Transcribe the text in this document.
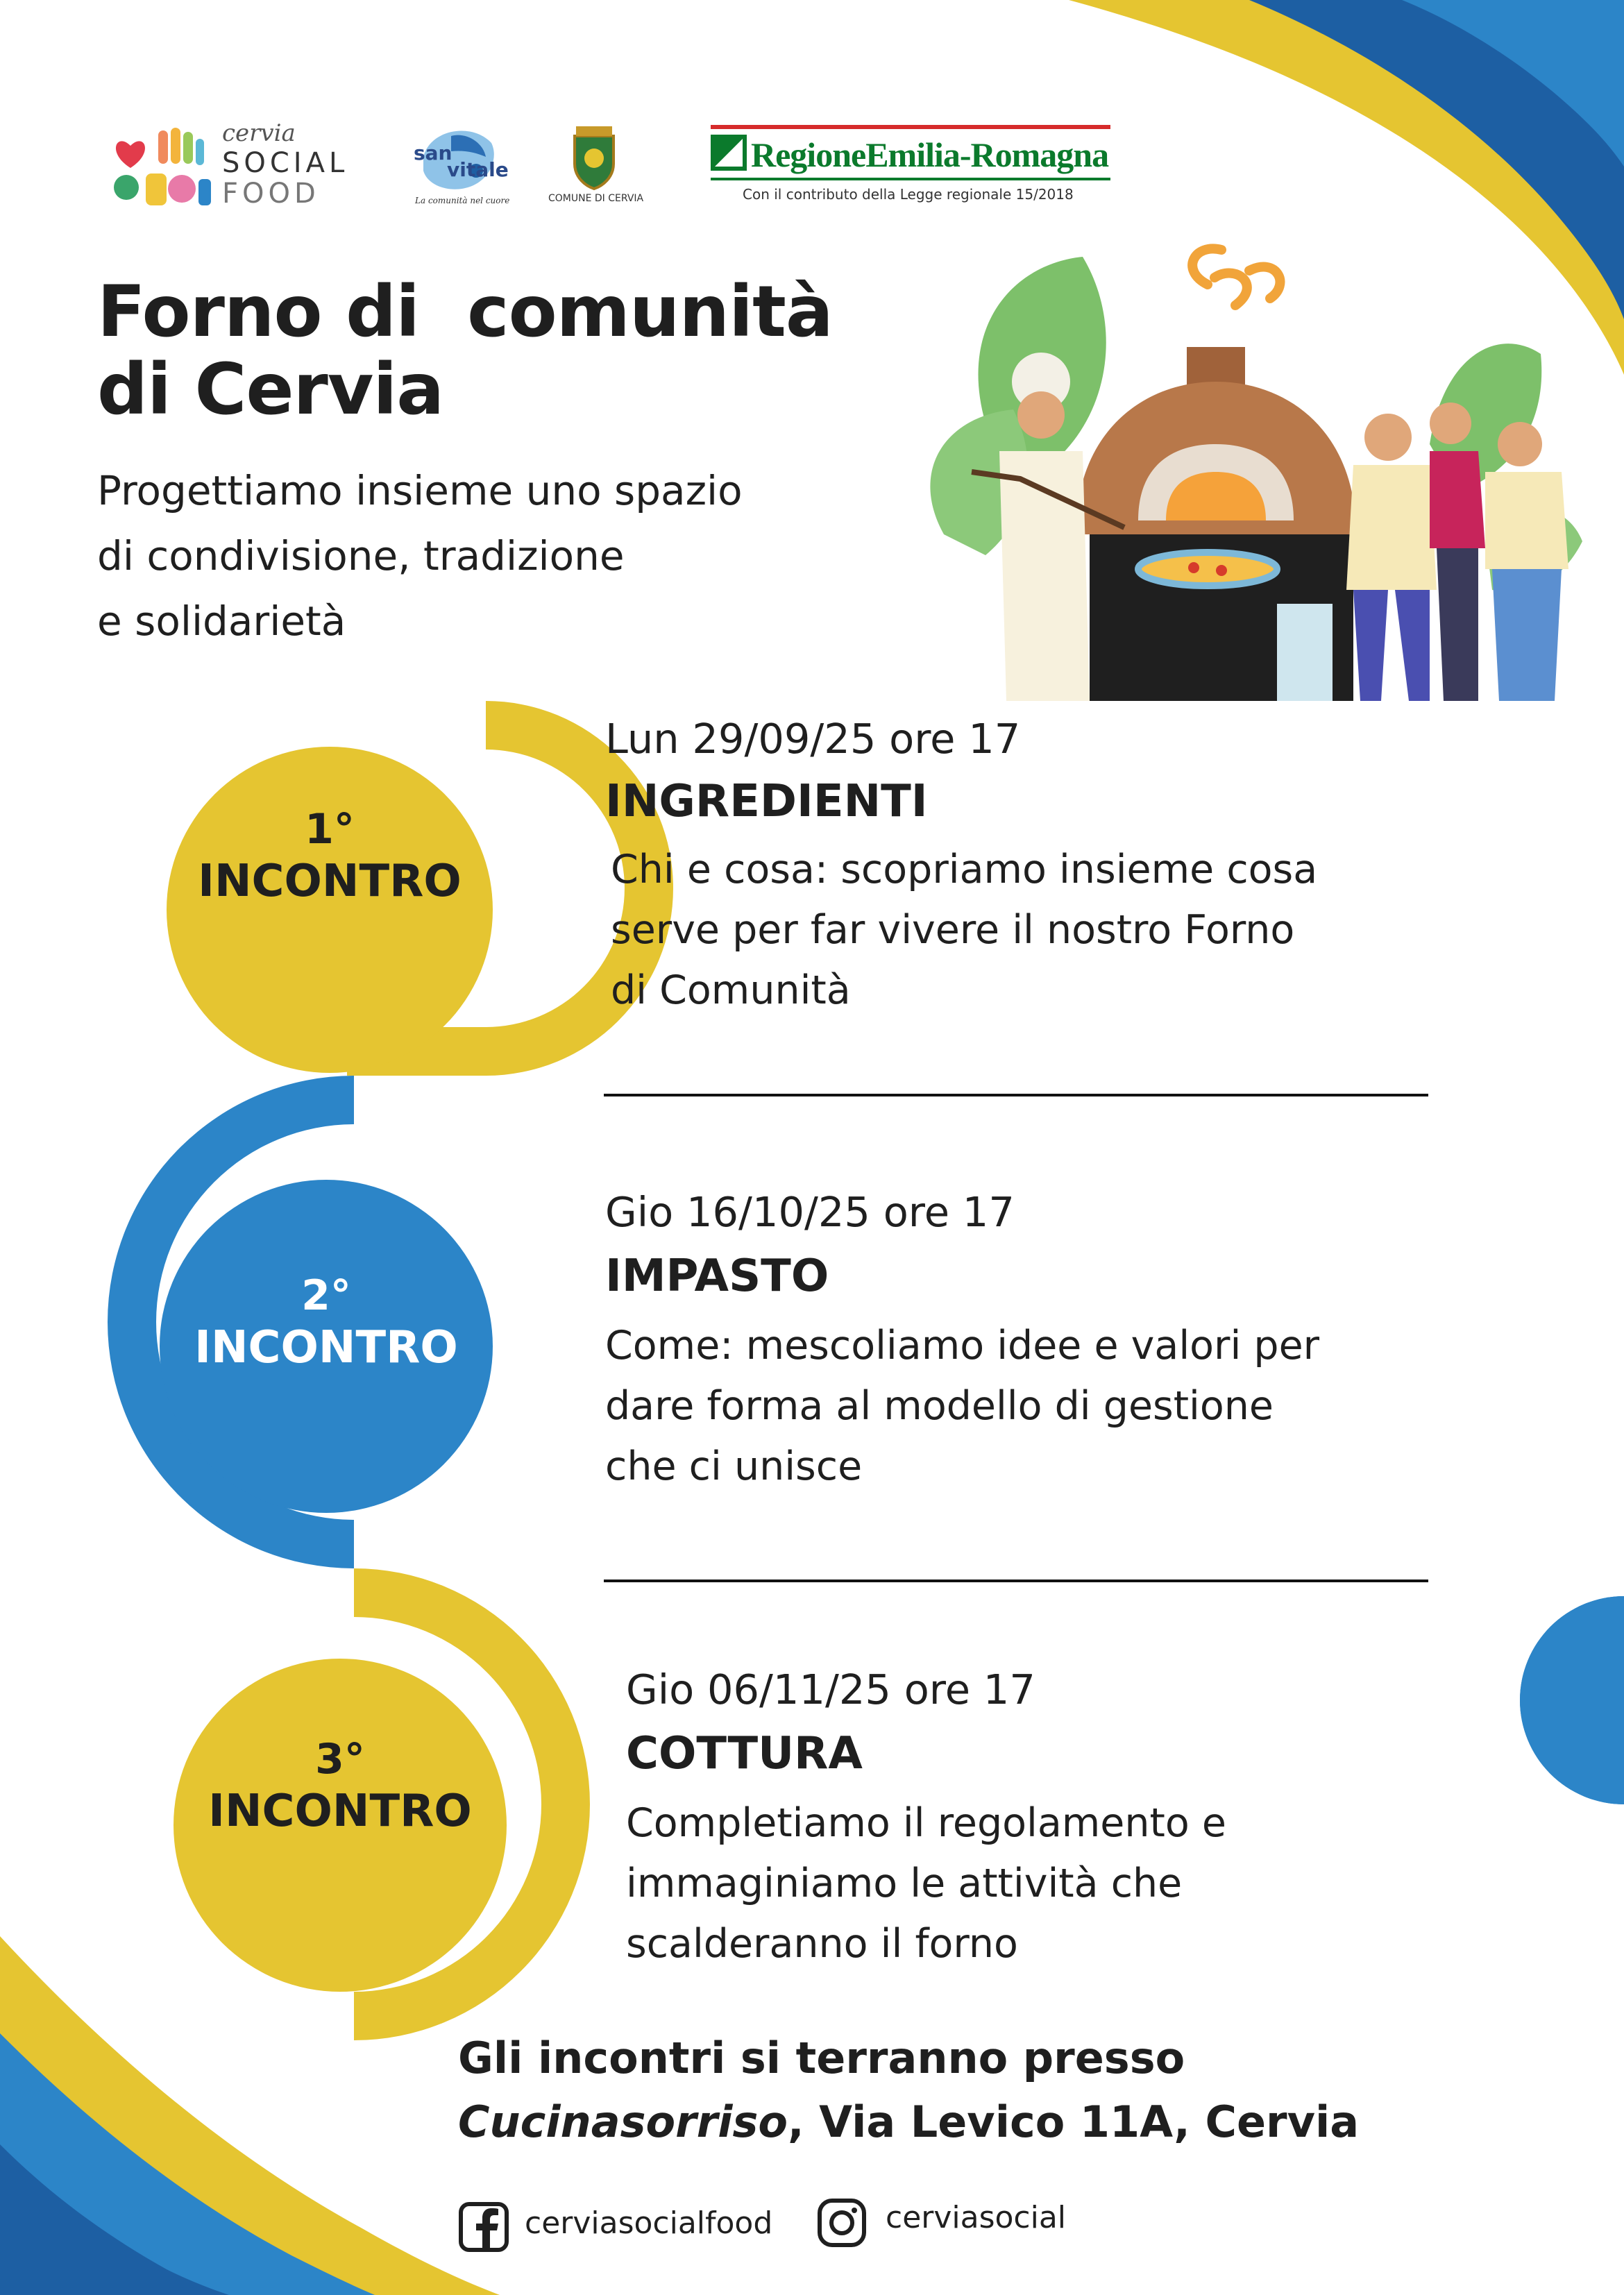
cervia
SOCIAL
FOOD
san
vitale
La comunità nel cuore	COMUNE DI CERVIA
RegioneEmilia-Romagna
Con il contributo della Legge regionale 15/2018
Forno di  comunità
di Cervia
Progettiamo insieme uno spazio
di condivisione, tradizione
e solidarietà
1°
INCONTRO
2°
INCONTRO
3°
INCONTRO
Lun 29/09/25 ore 17
INGREDIENTI
Chi e cosa: scopriamo insieme cosa
serve per far vivere il nostro Forno
di Comunità
Gio 16/10/25 ore 17
IMPASTO
Come: mescoliamo idee e valori per
dare forma al modello di gestione
che ci unisce
Gio 06/11/25 ore 17
COTTURA
Completiamo il regolamento e
immaginiamo le attività che
scalderanno il forno
Gli incontri si terranno presso
Cucinasorriso, Via Levico 11A, Cervia
cerviasocialfood	cerviasocial
